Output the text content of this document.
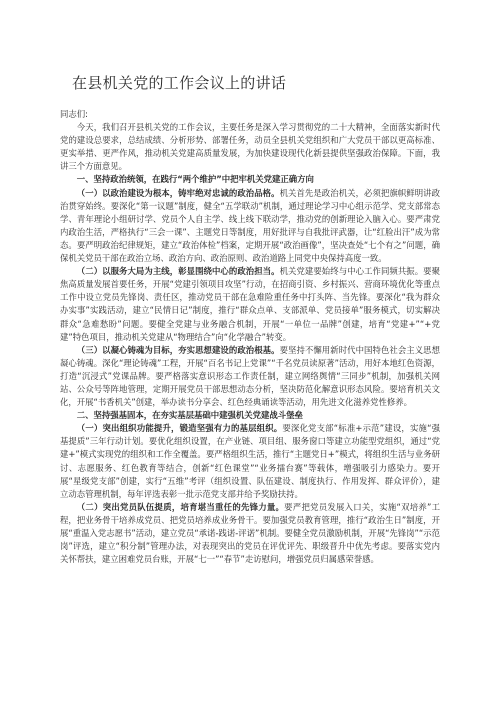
在县机关党的工作会议上的讲话

同志们:

今天，我们召开县机关党的工作会议，主要任务是深入学习贯彻党的二十大精神，全面落实新时代党的建设总要求，总结成绩、分析形势、部署任务，动员全县机关党组织和广大党员干部以更高标准、更实举措、更严作风，推动机关党建高质量发展，为加快建设现代化新县提供坚强政治保障。下面，我讲三个方面意见。

一、坚持政治统领，在践行“两个维护”中把牢机关党建正确方向

（一）以政治建设为根本，铸牢绝对忠诚的政治品格。机关首先是政治机关，必须把旗帜鲜明讲政治贯穿始终。要深化“第一议题”制度，健全“五学联动”机制，通过理论学习中心组示范学、党支部常态学、青年理论小组研讨学、党员个人自主学、线上线下联动学，推动党的创新理论入脑入心。要严肃党内政治生活，严格执行“三会一课”、主题党日等制度，用好批评与自我批评武器，让“红脸出汗”成为常态。要严明政治纪律规矩，建立“政治体检”档案，定期开展“政治画像”，坚决查处“七个有之”问题，确保机关党员干部在政治立场、政治方向、政治原则、政治道路上同党中央保持高度一致。

（二）以服务大局为主线，彰显围绕中心的政治担当。机关党建要始终与中心工作同频共振。要聚焦高质量发展首要任务，开展“党建引领项目攻坚”行动，在招商引资、乡村振兴、营商环境优化等重点工作中设立党员先锋岗、责任区，推动党员干部在急难险重任务中打头阵、当先锋。要深化“我为群众办实事”实践活动，建立“民情日记”制度，推行“群众点单、支部派单、党员接单”服务模式，切实解决群众“急难愁盼”问题。要健全党建与业务融合机制，开展“一单位一品牌”创建，培育“党建+”“+党建”特色项目，推动机关党建从“物理结合”向“化学融合”转变。

（三）以凝心铸魂为目标，夯实思想建设的政治根基。要坚持不懈用新时代中国特色社会主义思想凝心铸魂。深化“理论铸魂”工程，开展“百名书记上党课”“千名党员读原著”活动，用好本地红色资源，打造“沉浸式”党课品牌。要严格落实意识形态工作责任制，建立网络舆情“三同步”机制，加强机关网站、公众号等阵地管理，定期开展党员干部思想动态分析，坚决防范化解意识形态风险。要培育机关文化，开展“书香机关”创建，举办读书分享会、红色经典诵读等活动，用先进文化滋养党性修养。

二、坚持强基固本，在夯实基层基础中建强机关党建战斗堡垒

（一）突出组织功能提升，锻造坚强有力的基层组织。要深化党支部“标准+示范”建设，实施“强基提质”三年行动计划。要优化组织设置，在产业链、项目组、服务窗口等建立功能型党组织，通过“党建+”模式实现党的组织和工作全覆盖。要严格组织生活，推行“主题党日+”模式，将组织生活与业务研讨、志愿服务、红色教育等结合，创新“红色课堂”“业务擂台赛”等载体，增强吸引力感染力。要开展“星级党支部”创建，实行“五维”考评（组织设置、队伍建设、制度执行、作用发挥、群众评价），建立动态管理机制，每年评选表彰一批示范党支部并给予奖励扶持。

（二）突出党员队伍提质，培育堪当重任的先锋力量。要严把党员发展入口关，实施“双培养”工程，把业务骨干培养成党员、把党员培养成业务骨干。要加强党员教育管理，推行“政治生日”制度，开展“重温入党志愿书”活动，建立党员“承诺-践诺-评诺”机制。要健全党员激励机制，开展“先锋岗”“示范岗”评选，建立“积分制”管理办法，对表现突出的党员在评优评先、职级晋升中优先考虑。要落实党内关怀帮扶，建立困难党员台账，开展“七一”“春节”走访慰问，增强党员归属感荣誉感。
